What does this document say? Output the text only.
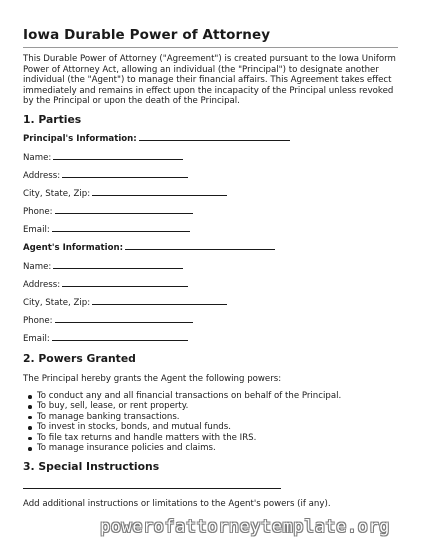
Iowa Durable Power of Attorney

This Durable Power of Attorney ("Agreement") is created pursuant to the Iowa Uniform Power of Attorney Act, allowing an individual (the "Principal") to designate another individual (the "Agent") to manage their financial affairs. This Agreement takes effect immediately and remains in effect upon the incapacity of the Principal unless revoked by the Principal or upon the death of the Principal.

1. Parties
Principal's Information:
Name:
Address:
City, State, Zip:
Phone:
Email:
Agent's Information:
Name:
Address:
City, State, Zip:
Phone:
Email:
2. Powers Granted

The Principal hereby grants the Agent the following powers:

To conduct any and all financial transactions on behalf of the Principal.
To buy, sell, lease, or rent property.
To manage banking transactions.
To invest in stocks, bonds, and mutual funds.
To file tax returns and handle matters with the IRS.
To manage insurance policies and claims.
3. Special Instructions

Add additional instructions or limitations to the Agent's powers (if any).

powerofattorneytemplate.org
